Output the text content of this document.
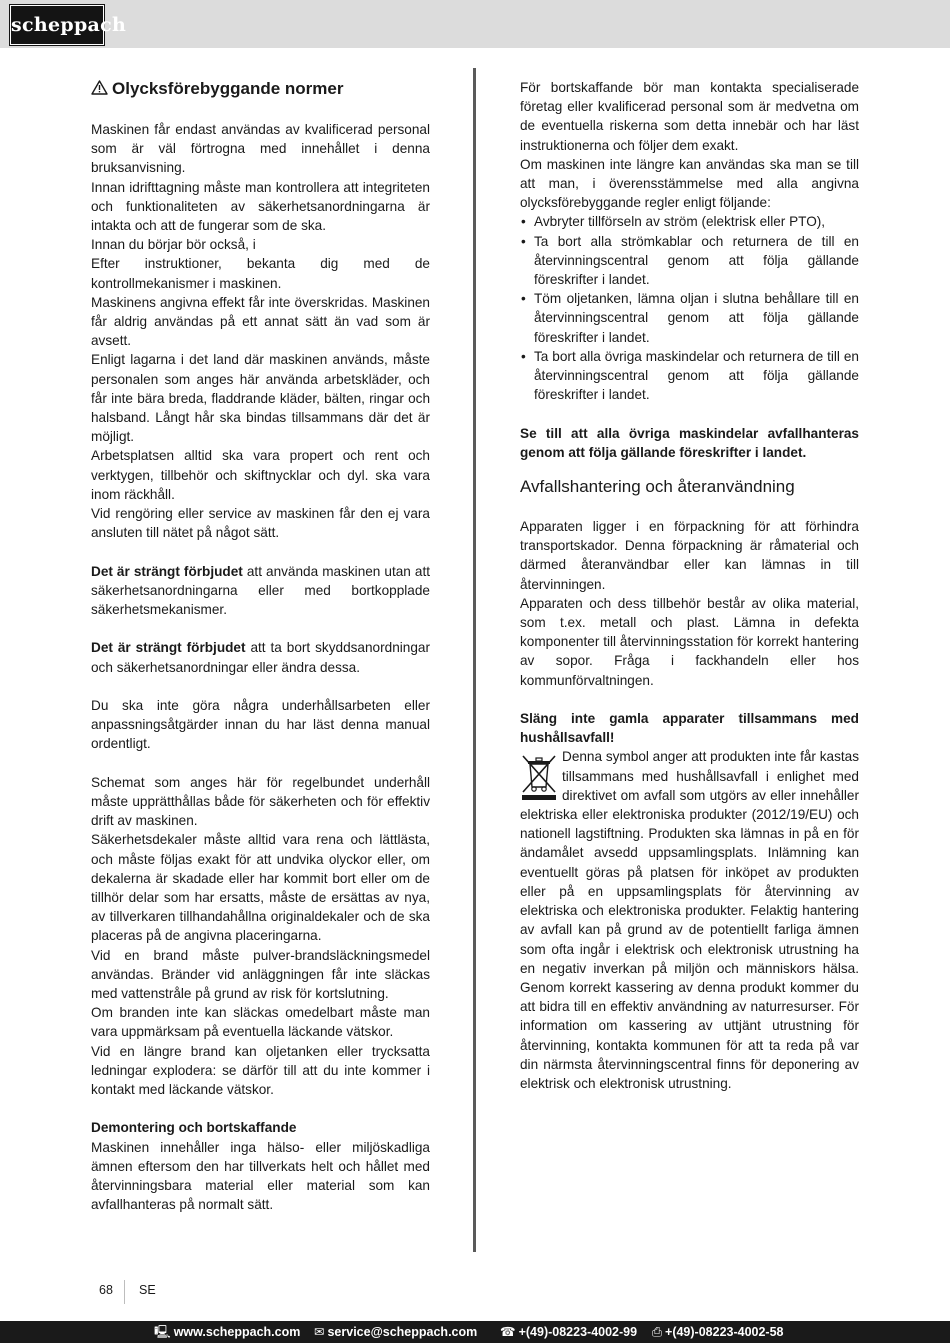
scheppach
Olycksförebyggande normer

Maskinen får endast användas av kvalificerad personal som är väl förtrogna med innehållet i denna bruksanvisning.

Innan idrifttagning måste man kontrollera att integriteten och funktionaliteten av säkerhetsanordningarna är intakta och att de fungerar som de ska.

Innan du börjar bör också, i

Efter instruktioner, bekanta dig med de kontrollmekanismer i maskinen.

Maskinens angivna effekt får inte överskridas. Maskinen får aldrig användas på ett annat sätt än vad som är avsett.

Enligt lagarna i det land där maskinen används, måste personalen som anges här använda arbetskläder, och får inte bära breda, fladdrande kläder, bälten, ringar och halsband. Långt hår ska bindas tillsammans där det är möjligt.

Arbetsplatsen alltid ska vara propert och rent och verktygen, tillbehör och skiftnycklar och dyl. ska vara inom räckhåll.

Vid rengöring eller service av maskinen får den ej vara ansluten till nätet på något sätt.

Det är strängt förbjudet att använda maskinen utan att säkerhetsanordningarna eller med bortkopplade säkerhetsmekanismer.

Det är strängt förbjudet att ta bort skyddsanordningar och säkerhetsanordningar eller ändra dessa.

Du ska inte göra några underhållsarbeten eller anpassningsåtgärder innan du har läst denna manual ordentligt.

Schemat som anges här för regelbundet underhåll måste upprätthållas både för säkerheten och för effektiv drift av maskinen.

Säkerhetsdekaler måste alltid vara rena och lättlästa, och måste följas exakt för att undvika olyckor eller, om dekalerna är skadade eller har kommit bort eller om de tillhör delar som har ersatts, måste de ersättas av nya, av tillverkaren tillhandahållna originaldekaler och de ska placeras på de angivna placeringarna.

Vid en brand måste pulver-brandsläckningsmedel användas. Bränder vid anläggningen får inte släckas med vattenstråle på grund av risk för kortslutning.

Om branden inte kan släckas omedelbart måste man vara uppmärksam på eventuella läckande vätskor.

Vid en längre brand kan oljetanken eller trycksatta ledningar explodera: se därför till att du inte kommer i kontakt med läckande vätskor.

Demontering och bortskaffande

Maskinen innehåller inga hälso- eller miljöskadliga ämnen eftersom den har tillverkats helt och hållet med återvinningsbara material eller material som kan avfallhanteras på normalt sätt.

För bortskaffande bör man kontakta specialiserade företag eller kvalificerad personal som är medvetna om de eventuella riskerna som detta innebär och har läst instruktionerna och följer dem exakt.

Om maskinen inte längre kan användas ska man se till att man, i överensstämmelse med alla angivna olycksförebyggande regler enligt följande:

• Avbryter tillförseln av ström (elektrisk eller PTO),
• Ta bort alla strömkablar och returnera de till en återvinningscentral genom att följa gällande föreskrifter i landet.
• Töm oljetanken, lämna oljan i slutna behållare till en återvinningscentral genom att följa gällande föreskrifter i landet.
• Ta bort alla övriga maskindelar och returnera de till en återvinningscentral genom att följa gällande föreskrifter i landet.

Se till att alla övriga maskindelar avfallhanteras genom att följa gällande föreskrifter i landet.

Avfallshantering och återanvändning

Apparaten ligger i en förpackning för att förhindra transportskador. Denna förpackning är råmaterial och därmed återanvändbar eller kan lämnas in till återvinningen.

Apparaten och dess tillbehör består av olika material, som t.ex. metall och plast. Lämna in defekta komponenter till återvinningsstation för korrekt hantering av sopor. Fråga i fackhandeln eller hos kommunförvaltningen.

Släng inte gamla apparater tillsammans med hushållsavfall!

Denna symbol anger att produkten inte får kastas tillsammans med hushållsavfall i enlighet med direktivet om avfall som utgörs av eller innehåller elektriska eller elektroniska produkter (2012/19/EU) och nationell lagstiftning. Produkten ska lämnas in på en för ändamålet avsedd uppsamlingsplats. Inlämning kan eventuellt göras på platsen för inköpet av produkten eller på en uppsamlingsplats för återvinning av elektriska och elektroniska produkter. Felaktig hantering av avfall kan på grund av de potentiellt farliga ämnen som ofta ingår i elektrisk och elektronisk utrustning ha en negativ inverkan på miljön och människors hälsa. Genom korrekt kassering av denna produkt kommer du att bidra till en effektiv användning av naturresurser. För information om kassering av uttjänt utrustning för återvinning, kontakta kommunen för att ta reda på var din närmsta återvinningscentral finns för deponering av elektrisk och elektronisk utrustning.

68 SE
🖳 www.scheppach.com ✉ service@scheppach.com ☎ +(49)-08223-4002-99 ⎙ +(49)-08223-4002-58
